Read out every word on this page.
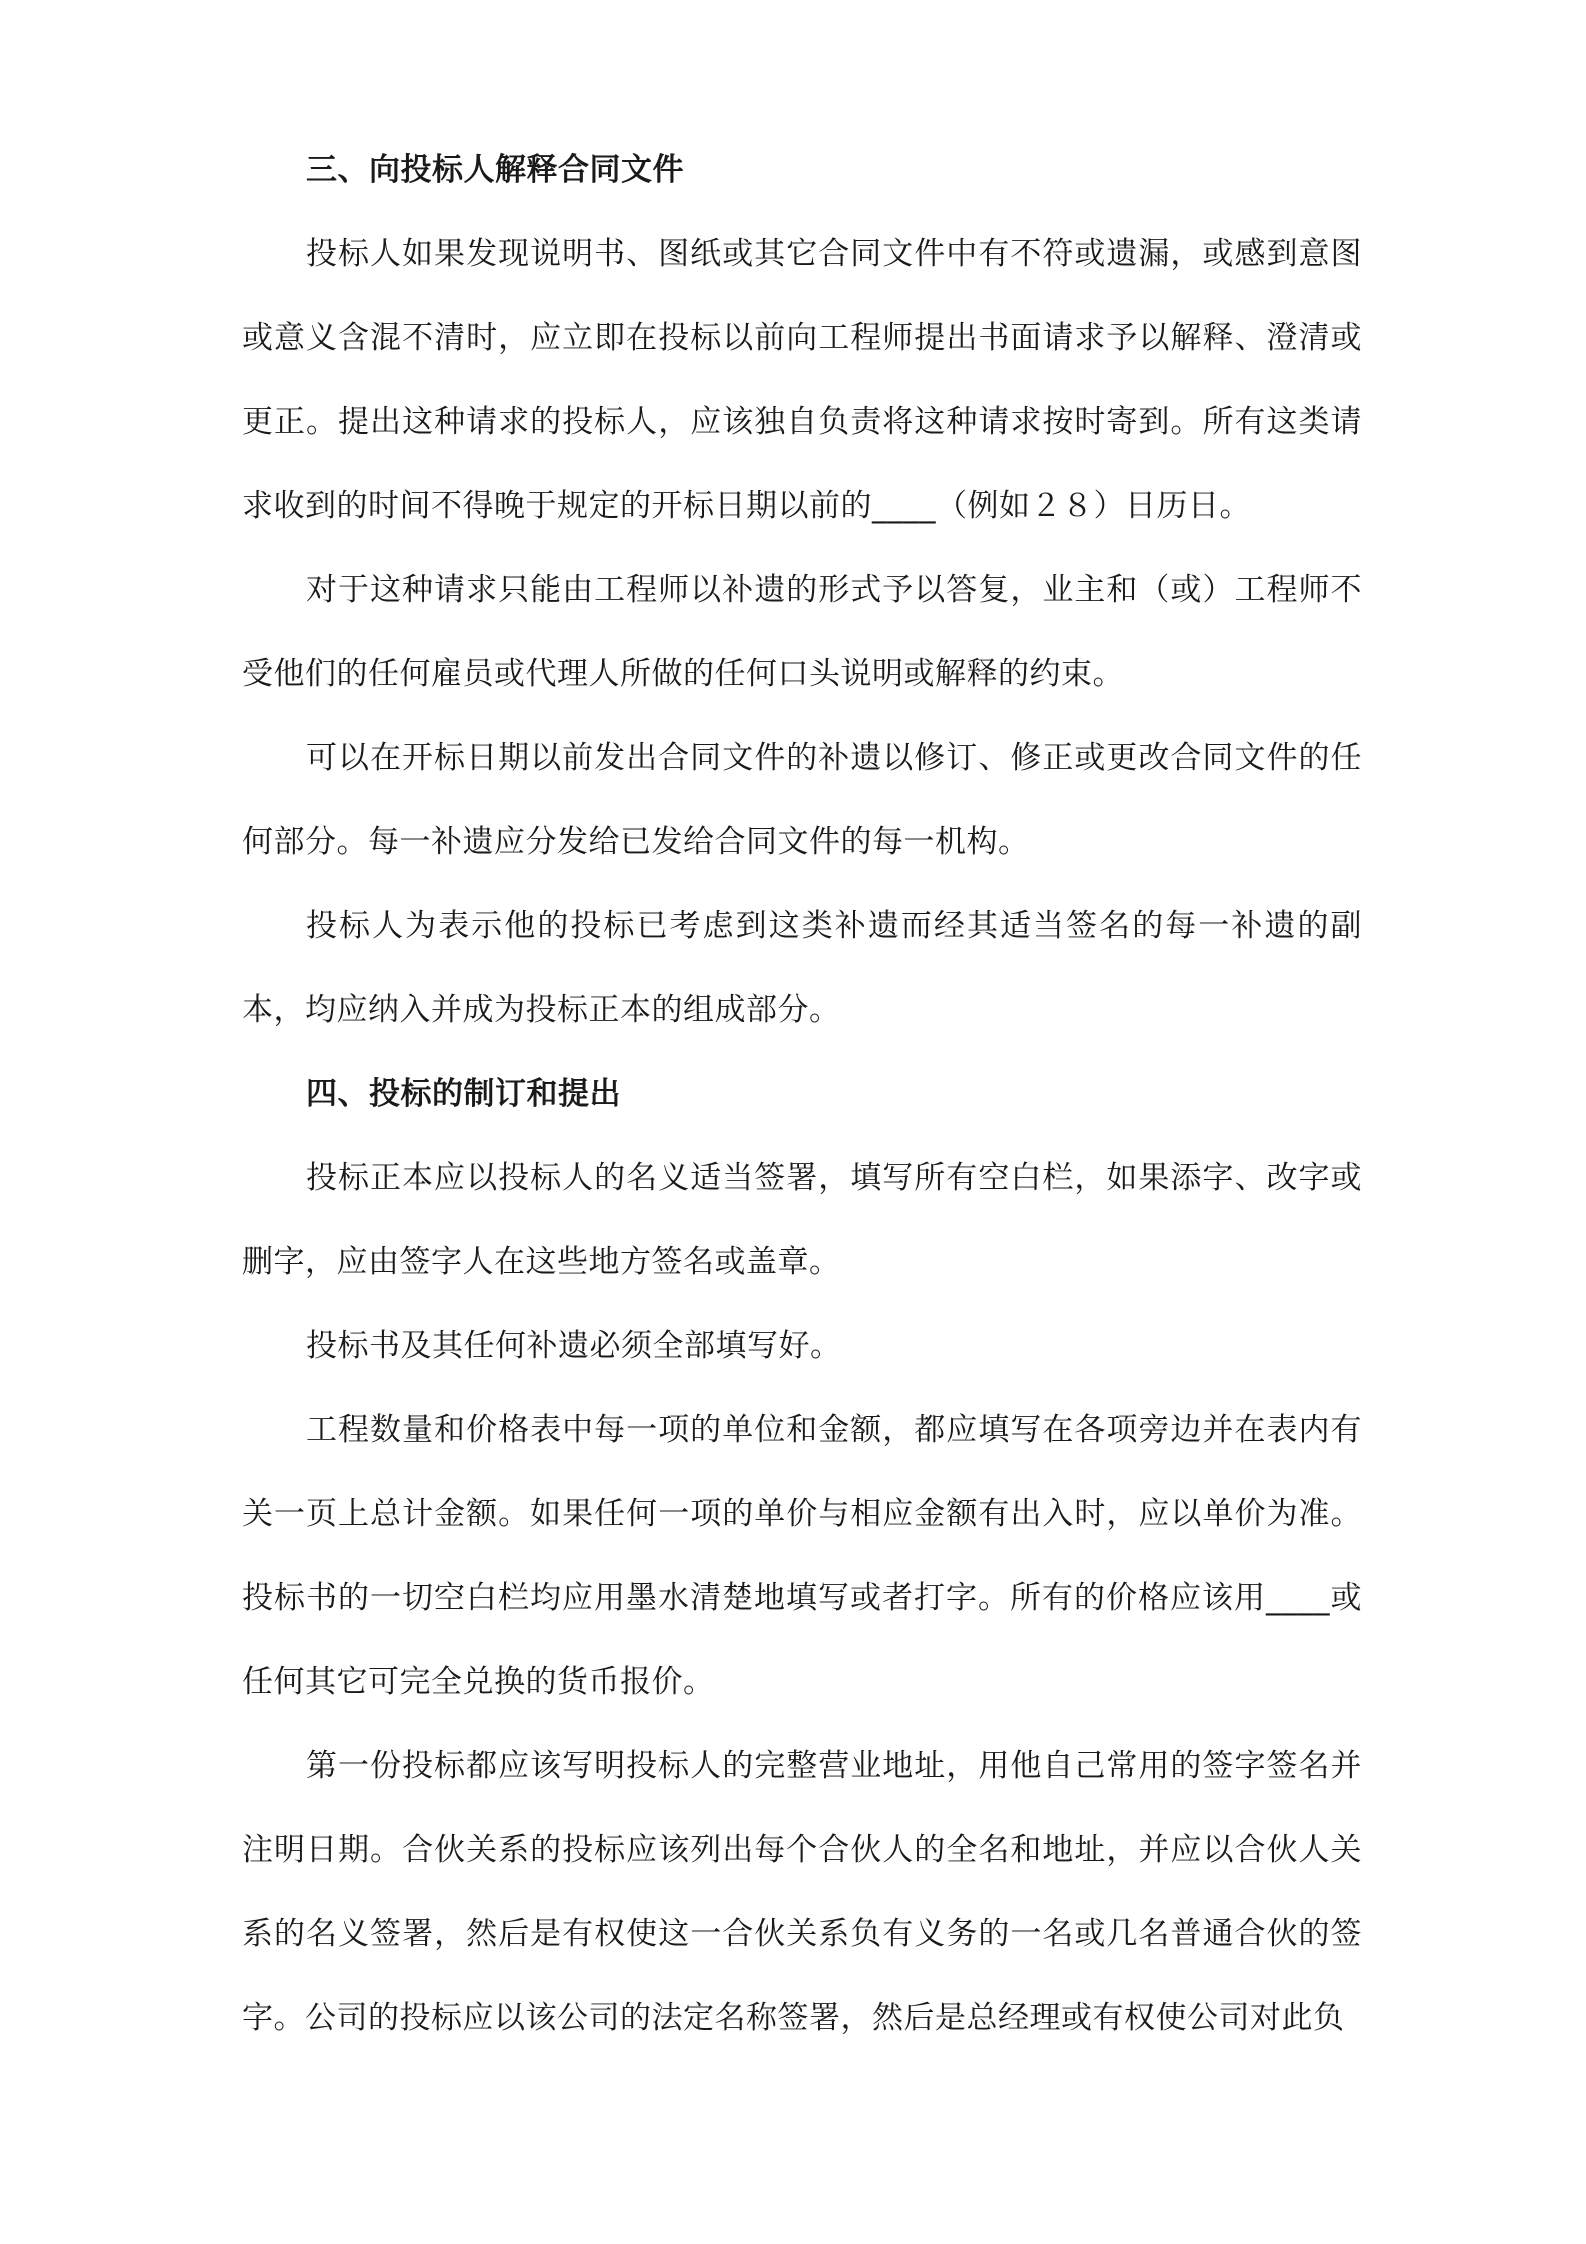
三、向投标人解释合同文件

投标人如果发现说明书、图纸或其它合同文件中有不符或遗漏，或感到意图或意义含混不清时，应立即在投标以前向工程师提出书面请求予以解释、澄清或更正。提出这种请求的投标人，应该独自负责将这种请求按时寄到。所有这类请求收到的时间不得晚于规定的开标日期以前的____（例如２８）日历日。

对于这种请求只能由工程师以补遗的形式予以答复，业主和（或）工程师不受他们的任何雇员或代理人所做的任何口头说明或解释的约束。

可以在开标日期以前发出合同文件的补遗以修订、修正或更改合同文件的任何部分。每一补遗应分发给已发给合同文件的每一机构。

投标人为表示他的投标已考虑到这类补遗而经其适当签名的每一补遗的副本，均应纳入并成为投标正本的组成部分。

四、投标的制订和提出

投标正本应以投标人的名义适当签署，填写所有空白栏，如果添字、改字或删字，应由签字人在这些地方签名或盖章。

投标书及其任何补遗必须全部填写好。

工程数量和价格表中每一项的单位和金额，都应填写在各项旁边并在表内有关一页上总计金额。如果任何一项的单价与相应金额有出入时，应以单价为准。投标书的一切空白栏均应用墨水清楚地填写或者打字。所有的价格应该用____或任何其它可完全兑换的货币报价。

第一份投标都应该写明投标人的完整营业地址，用他自己常用的签字签名并注明日期。合伙关系的投标应该列出每个合伙人的全名和地址，并应以合伙人关系的名义签署，然后是有权使这一合伙关系负有义务的一名或几名普通合伙的签字。公司的投标应以该公司的法定名称签署，然后是总经理或有权使公司对此负
